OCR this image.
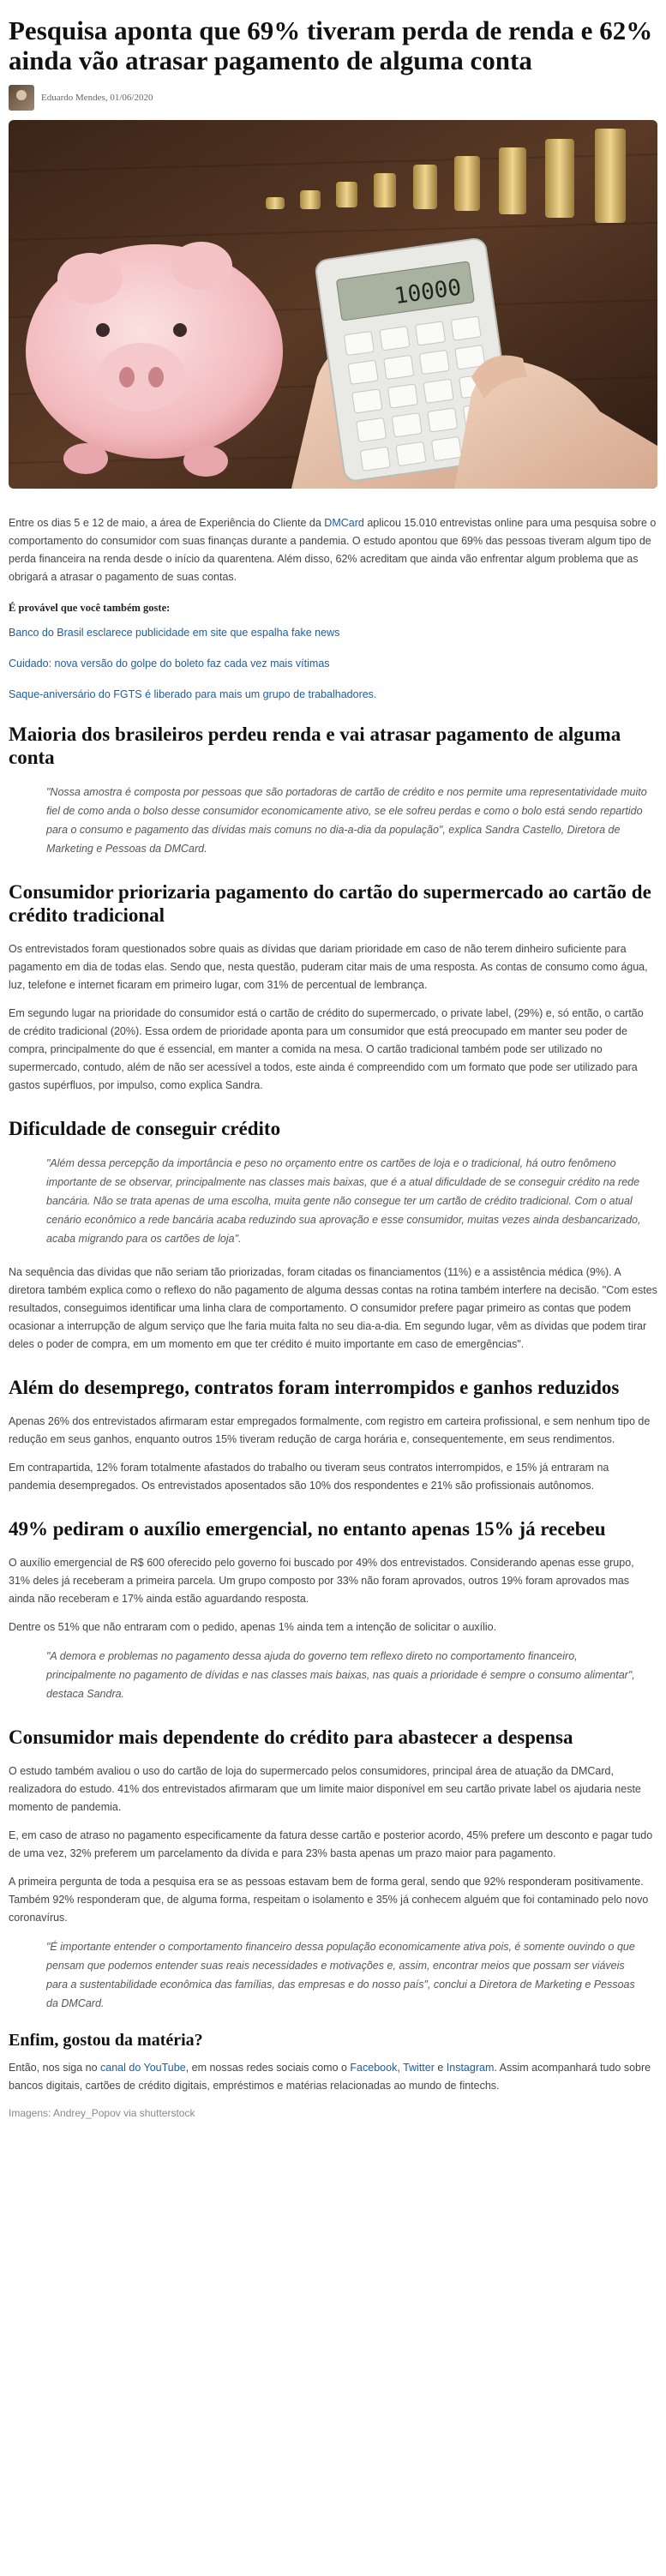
Pesquisa aponta que 69% tiveram perda de renda e 62% ainda vão atrasar pagamento de alguma conta
Eduardo Mendes, 01/06/2020
10000

Entre os dias 5 e 12 de maio, a área de Experiência do Cliente da DMCard aplicou 15.010 entrevistas online para uma pesquisa sobre o comportamento do consumidor com suas finanças durante a pandemia. O estudo apontou que 69% das pessoas tiveram algum tipo de perda financeira na renda desde o início da quarentena. Além disso, 62% acreditam que ainda vão enfrentar algum problema que as obrigará a atrasar o pagamento de suas contas.

É provável que você também goste:
Banco do Brasil esclarece publicidade em site que espalha fake news
Cuidado: nova versão do golpe do boleto faz cada vez mais vítimas
Saque-aniversário do FGTS é liberado para mais um grupo de trabalhadores.
Maioria dos brasileiros perdeu renda e vai atrasar pagamento de alguma conta
"Nossa amostra é composta por pessoas que são portadoras de cartão de crédito e nos permite uma representatividade muito fiel de como anda o bolso desse consumidor economicamente ativo, se ele sofreu perdas e como o bolo está sendo repartido para o consumo e pagamento das dívidas mais comuns no dia-a-dia da população", explica Sandra Castello, Diretora de Marketing e Pessoas da DMCard.
Consumidor priorizaria pagamento do cartão do supermercado ao cartão de crédito tradicional

Os entrevistados foram questionados sobre quais as dívidas que dariam prioridade em caso de não terem dinheiro suficiente para pagamento em dia de todas elas. Sendo que, nesta questão, puderam citar mais de uma resposta. As contas de consumo como água, luz, telefone e internet ficaram em primeiro lugar, com 31% de percentual de lembrança.

Em segundo lugar na prioridade do consumidor está o cartão de crédito do supermercado, o private label, (29%) e, só então, o cartão de crédito tradicional (20%). Essa ordem de prioridade aponta para um consumidor que está preocupado em manter seu poder de compra, principalmente do que é essencial, em manter a comida na mesa. O cartão tradicional também pode ser utilizado no supermercado, contudo, além de não ser acessível a todos, este ainda é compreendido com um formato que pode ser utilizado para gastos supérfluos, por impulso, como explica Sandra.

Dificuldade de conseguir crédito
"Além dessa percepção da importância e peso no orçamento entre os cartões de loja e o tradicional, há outro fenômeno importante de se observar, principalmente nas classes mais baixas, que é a atual dificuldade de se conseguir crédito na rede bancária. Não se trata apenas de uma escolha, muita gente não consegue ter um cartão de crédito tradicional. Com o atual cenário econômico a rede bancária acaba reduzindo sua aprovação e esse consumidor, muitas vezes ainda desbancarizado, acaba migrando para os cartões de loja".

Na sequência das dívidas que não seriam tão priorizadas, foram citadas os financiamentos (11%) e a assistência médica (9%). A diretora também explica como o reflexo do não pagamento de alguma dessas contas na rotina também interfere na decisão. "Com estes resultados, conseguimos identificar uma linha clara de comportamento. O consumidor prefere pagar primeiro as contas que podem ocasionar a interrupção de algum serviço que lhe faria muita falta no seu dia-a-dia. Em segundo lugar, vêm as dívidas que podem tirar deles o poder de compra, em um momento em que ter crédito é muito importante em caso de emergências".

Além do desemprego, contratos foram interrompidos e ganhos reduzidos

Apenas 26% dos entrevistados afirmaram estar empregados formalmente, com registro em carteira profissional, e sem nenhum tipo de redução em seus ganhos, enquanto outros 15% tiveram redução de carga horária e, consequentemente, em seus rendimentos.

Em contrapartida, 12% foram totalmente afastados do trabalho ou tiveram seus contratos interrompidos, e 15% já entraram na pandemia desempregados. Os entrevistados aposentados são 10% dos respondentes e 21% são profissionais autônomos.

49% pediram o auxílio emergencial, no entanto apenas 15% já recebeu

O auxílio emergencial de R$ 600 oferecido pelo governo foi buscado por 49% dos entrevistados. Considerando apenas esse grupo, 31% deles já receberam a primeira parcela. Um grupo composto por 33% não foram aprovados, outros 19% foram aprovados mas ainda não receberam e 17% ainda estão aguardando resposta.

Dentre os 51% que não entraram com o pedido, apenas 1% ainda tem a intenção de solicitar o auxílio.

"A demora e problemas no pagamento dessa ajuda do governo tem reflexo direto no comportamento financeiro, principalmente no pagamento de dívidas e nas classes mais baixas, nas quais a prioridade é sempre o consumo alimentar", destaca Sandra.
Consumidor mais dependente do crédito para abastecer a despensa

O estudo também avaliou o uso do cartão de loja do supermercado pelos consumidores, principal área de atuação da DMCard, realizadora do estudo. 41% dos entrevistados afirmaram que um limite maior disponível em seu cartão private label os ajudaria neste momento de pandemia.

E, em caso de atraso no pagamento especificamente da fatura desse cartão e posterior acordo, 45% prefere um desconto e pagar tudo de uma vez, 32% preferem um parcelamento da dívida e para 23% basta apenas um prazo maior para pagamento.

A primeira pergunta de toda a pesquisa era se as pessoas estavam bem de forma geral, sendo que 92% responderam positivamente. Também 92% responderam que, de alguma forma, respeitam o isolamento e 35% já conhecem alguém que foi contaminado pelo novo coronavírus.

"É importante entender o comportamento financeiro dessa população economicamente ativa pois, é somente ouvindo o que pensam que podemos entender suas reais necessidades e motivações e, assim, encontrar meios que possam ser viáveis para a sustentabilidade econômica das famílias, das empresas e do nosso país", conclui a Diretora de Marketing e Pessoas da DMCard.
Enfim, gostou da matéria?

Então, nos siga no canal do YouTube, em nossas redes sociais como o Facebook, Twitter e Instagram. Assim acompanhará tudo sobre bancos digitais, cartões de crédito digitais, empréstimos e matérias relacionadas ao mundo de fintechs.

Imagens: Andrey_Popov via shutterstock
